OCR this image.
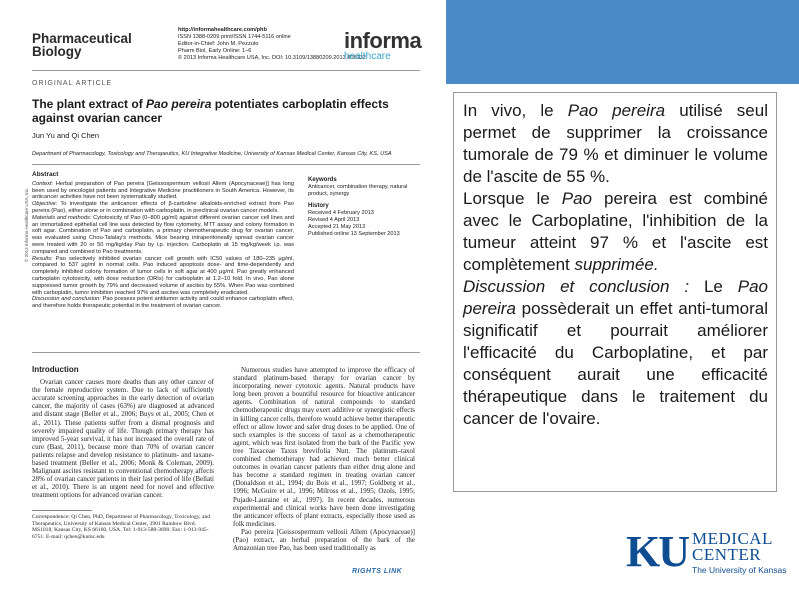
Pharmaceutical
Biology
http://informahealthcare.com/phb
ISSN 1388-0209 print/ISSN 1744-5116 online
Editor-in-Chief: John M. Pezzuto
Pharm Biol, Early Online: 1–6
© 2013 Informa Healthcare USA, Inc. DOI: 10.3109/13880209.2013.808232
informa
healthcare
ORIGINAL ARTICLE
The plant extract of Pao pereira potentiates carboplatin effects against ovarian cancer
Jun Yu and Qi Chen
Department of Pharmacology, Toxicology and Therapeutics, KU Integrative Medicine, University of Kansas Medical Center, Kansas City, KS, USA
Abstract
Context: Herbal preparation of Pao pereira [Geissospermum vellosii Allem (Apocynaceae)] has long been used by oncologist patients and Integrative Medicine practitioners in South America. However, its anticancer activities have not been systematically studied.
Objective: To investigate the anticancer effects of β-carboline alkaloids-enriched extract from Pao pereira (Pao), either alone or in combination with carboplatin, in preclinical ovarian cancer models.
Materials and methods: Cytotoxicity of Pao (0–800 µg/ml) against different ovarian cancer cell lines and an immortalized epithelial cell line was detected by flow cytometry, MTT assay and colony formation in soft agar. Combination of Pao and carboplatin, a primary chemotherapeutic drug for ovarian cancer, was evaluated using Chou-Talalay's methods. Mice bearing intraperitoneally spread ovarian cancer were treated with 20 or 50 mg/kg/day Pao by i.p. injection. Carboplatin at 15 mg/kg/week i.p. was compared and combined to Pao treatments.
Results: Pao selectively inhibited ovarian cancer cell growth with IC50 values of 180–235 µg/ml, compared to 537 µg/ml in normal cells. Pao induced apoptosis dose- and time-dependently and completely inhibited colony formation of tumor cells in soft agar at 400 µg/ml. Pao greatly enhanced carboplatin cytotoxicity, with dose reduction (DRIs) for carboplatin at 1.2–10 fold. In vivo, Pao alone suppressed tumor growth by 79% and decreased volume of ascites by 55%. When Pao was combined with carboplatin, tumor inhibition reached 97% and ascites was completely eradicated.
Discussion and conclusion: Pao possess potent antitumor activity and could enhance carboplatin effect, and therefore holds therapeutic potential in the treatment of ovarian cancer.
Keywords
Anticancer, combination therapy, natural product, synergy
History
Received 4 February 2013
Revised 4 April 2013
Accepted 21 May 2013
Published online 13 September 2013
Introduction

Ovarian cancer causes more deaths than any other cancer of the female reproductive system. Due to lack of sufficiently accurate screening approaches in the early detection of ovarian cancer, the majority of cases (63%) are diagnosed at advanced and distant stage (Beller et al., 2006; Buys et al., 2005; Chen et al., 2011). These patients suffer from a dismal prognosis and severely impaired quality of life. Though primary therapy has improved 5-year survival, it has not increased the overall rate of cure (Bast, 2011), because more than 70% of ovarian cancer patients relapse and develop resistance to platinum- and taxane-based treatment (Beller et al., 2006; Monk & Coleman, 2009). Malignant ascites resistant to conventional chemotherapy affects 28% of ovarian cancer patients in their last period of life (Bellati et al., 2010). There is an urgent need for novel and effective treatment options for advanced ovarian cancer.

Numerous studies have attempted to improve the efficacy of standard platinum-based therapy for ovarian cancer by incorporating newer cytotoxic agents. Natural products have long been proven a bountiful resource for bioactive anticancer agents. Combination of natural compounds to standard chemotherapeutic drugs may exert additive or synergistic effects in killing cancer cells, therefore would achieve better therapeutic effect or allow lower and safer drug doses to be applied. One of such examples is the success of taxol as a chemotherapeutic agent, which was first isolated from the bark of the Pacific yew tree Taxaceae Taxus brevifolia Nutt. The platinum–taxol combined chemotherapy had achieved much better clinical outcomes in ovarian cancer patients than either drug alone and has become a standard regimen in treating ovarian cancer (Donaldson et al., 1994; du Bois et al., 1997; Goldberg et al., 1996; McGuire et al., 1996; Milross et al., 1995; Ozols, 1995; Pujade-Lauraine et al., 1997). In recent decades, numerous experimental and clinical works have been done investigating the anticancer effects of plant extracts, especially those used as folk medicines.

Pao pereira [Geissospermum vellosii Allem (Apocynaceae)] (Pao) extract, an herbal preparation of the bark of the Amazonian tree Pao, has been used traditionally as

Correspondence: Qi Chen, PhD, Department of Pharmacology, Toxicology, and Therapeutics, University of Kansas Medical Center, 3901 Rainbow Blvd. MS1018, Kansas City, KS 66160, USA. Tel: 1-913-588-3690. Fax: 1-913-945-6751. E-mail: qchen@kumc.edu
© 2013 Informa Healthcare USA, Inc.
RIGHTS LINK

In vivo, le Pao pereira utilisé seul permet de supprimer la croissance tumorale de 79 % et diminuer le volume de l'ascite de 55 %.

Lorsque le Pao pereira est combiné avec le Carboplatine, l'inhibition de la tumeur atteint 97 % et l'ascite est complètement supprimée.

Discussion et conclusion : Le Pao pereira possèderait un effet anti-tumoral significatif et pourrait améliorer l'efficacité du Carboplatine, et par conséquent aurait une efficacité thérapeutique dans le traitement du cancer de l'ovaire.

KU MEDICAL
CENTER
The University of Kansas
